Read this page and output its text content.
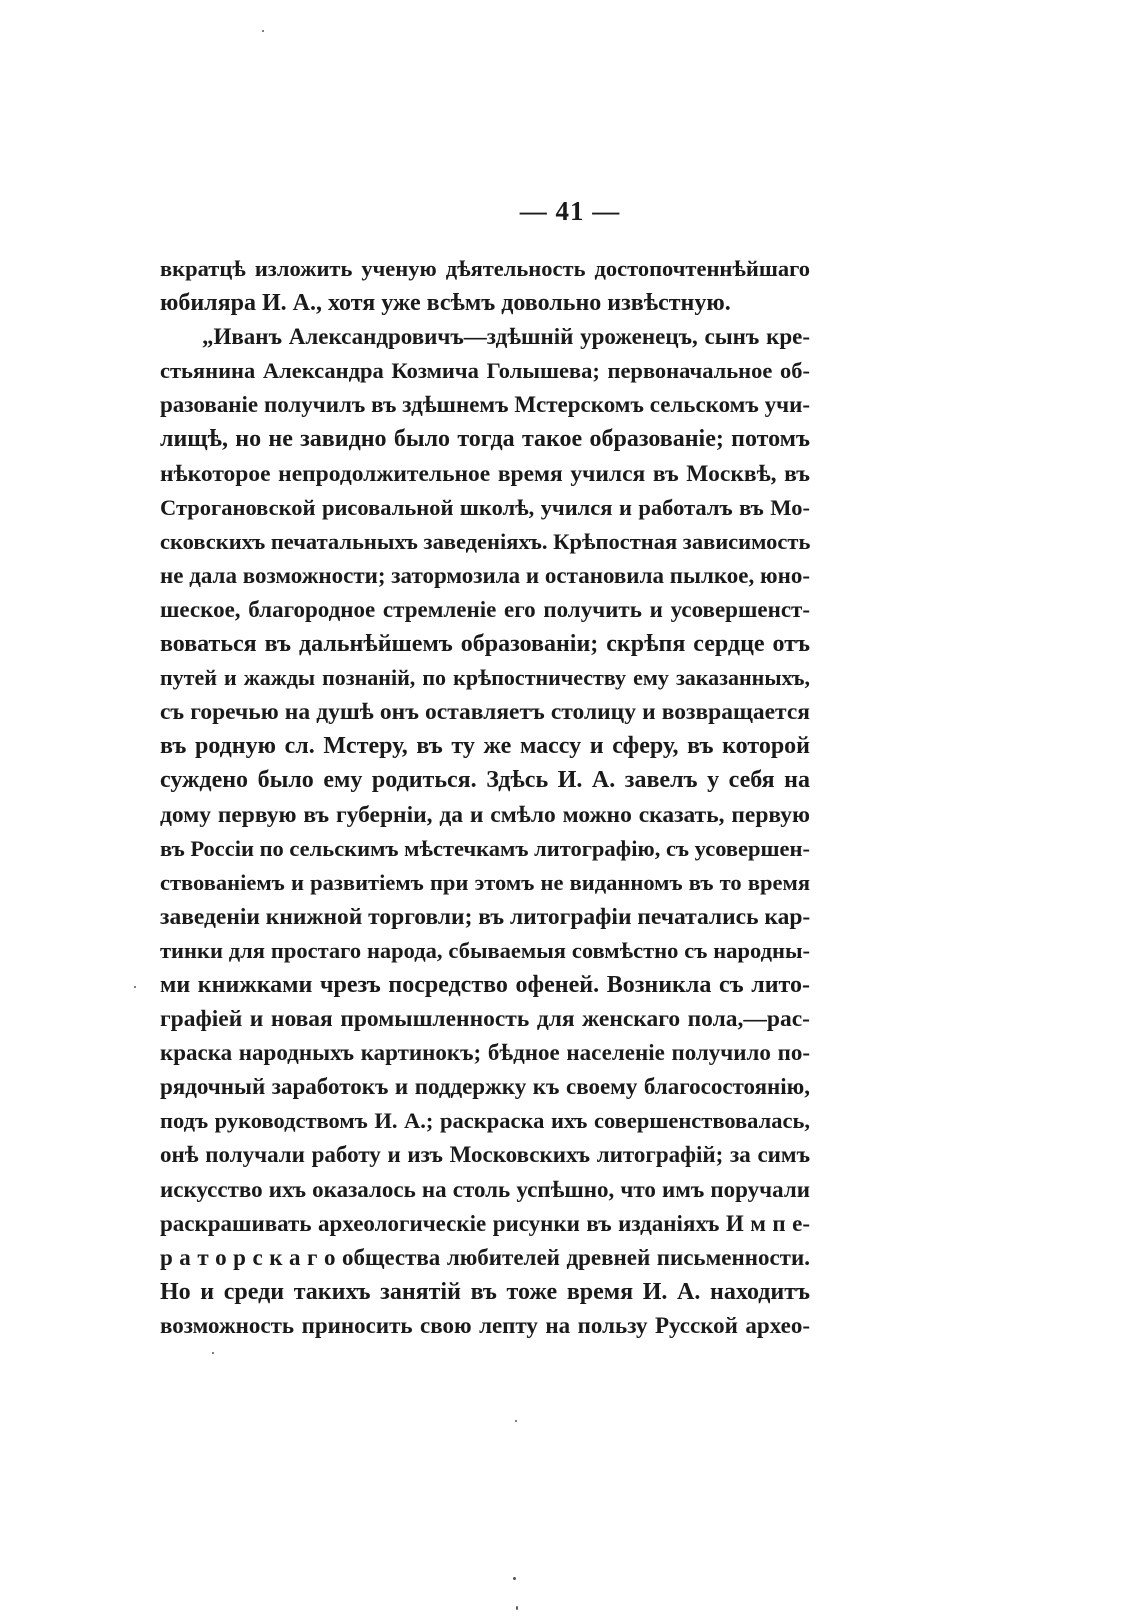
— 41 —
вкратцѣ изложить ученую дѣятельность достопочтеннѣйшаго
юбиляра И. А., хотя уже всѣмъ довольно извѣстную.
„Иванъ Александровичъ—здѣшній уроженецъ, сынъ кре-
стьянина Александра Козмича Голышева; первоначальное об-
разованіе получилъ въ здѣшнемъ Мстерскомъ сельскомъ учи-
лищѣ, но не завидно было тогда такое образованіе; потомъ
нѣкоторое непродолжительное время учился въ Москвѣ, въ
Строгановской рисовальной школѣ, учился и работалъ въ Мо-
сковскихъ печатальныхъ заведеніяхъ. Крѣпостная зависимость
не дала возможности; затормозила и остановила пылкое, юно-
шеское, благородное стремленіе его получить и усовершенст-
воваться въ дальнѣйшемъ образованіи; скрѣпя сердце отъ
путей и жажды познаній, по крѣпостничеству ему заказанныхъ,
съ горечью на душѣ онъ оставляетъ столицу и возвращается
въ родную сл. Мстеру, въ ту же массу и сферу, въ которой
суждено было ему родиться. Здѣсь И. А. завелъ у себя на
дому первую въ губерніи, да и смѣло можно сказать, первую
въ Россіи по сельскимъ мѣстечкамъ литографію, съ усовершен-
ствованіемъ и развитіемъ при этомъ не виданномъ въ то время
заведеніи книжной торговли; въ литографіи печатались кар-
тинки для простаго народа, сбываемыя совмѣстно съ народны-
ми книжками чрезъ посредство офеней. Возникла съ лито-
графіей и новая промышленность для женскаго пола,—рас-
краска народныхъ картинокъ; бѣдное населеніе получило по-
рядочный заработокъ и поддержку къ своему благосостоянію,
подъ руководствомъ И. А.; раскраска ихъ совершенствовалась,
онѣ получали работу и изъ Московскихъ литографій; за симъ
искусство ихъ оказалось на столь успѣшно, что имъ поручали
раскрашивать археологическіе рисунки въ изданіяхъ И м п е-
р а т о р с к а г о общества любителей древней письменности.
Но и среди такихъ занятій въ тоже время И. А. находитъ
возможность приносить свою лепту на пользу Русской архео-
